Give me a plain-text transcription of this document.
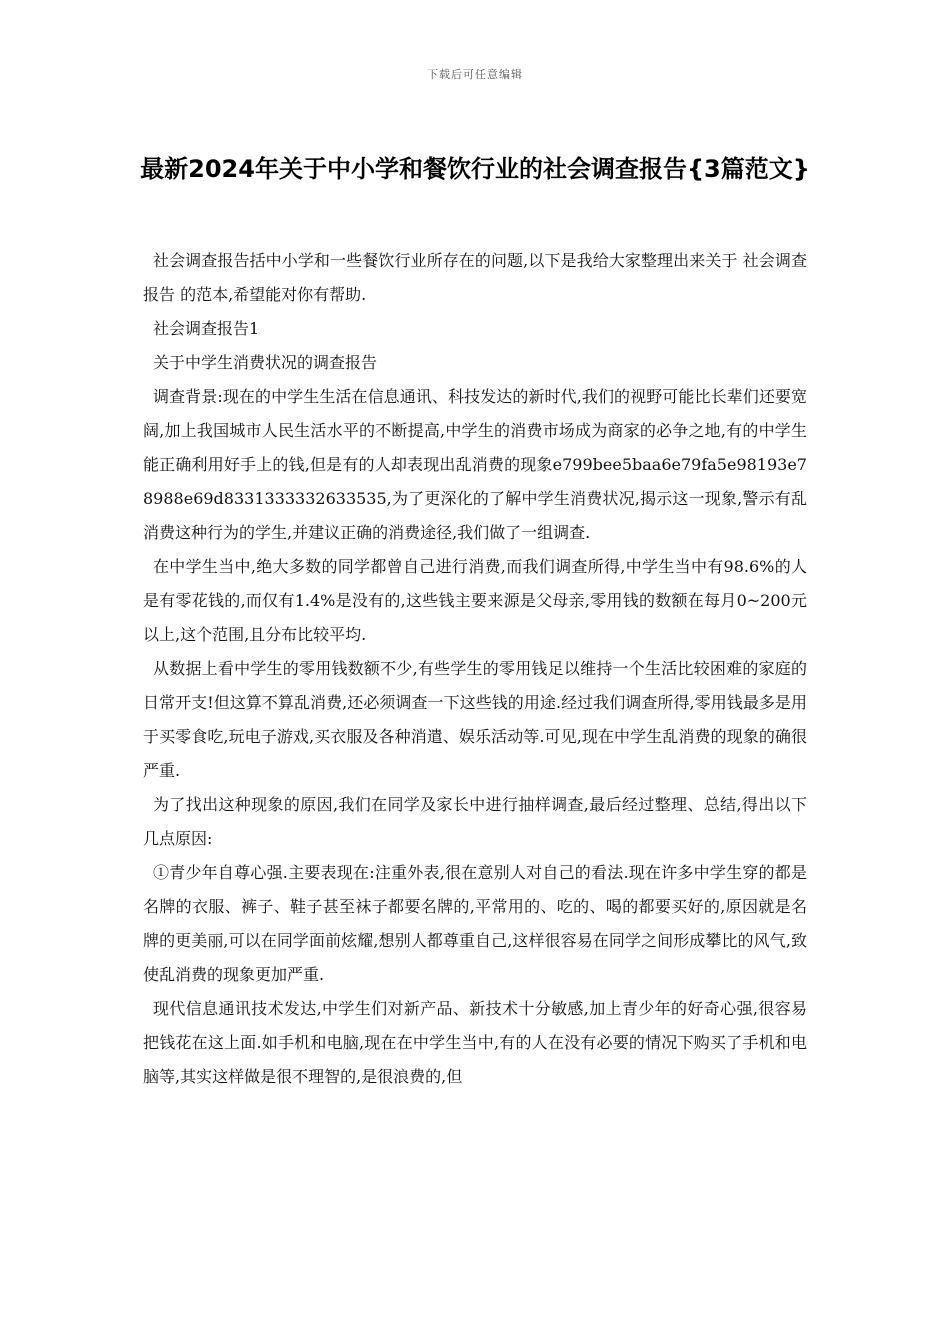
下载后可任意编辑
最新2024年关于中小学和餐饮行业的社会调查报告{3篇范文}

社会调查报告括中小学和一些餐饮行业所存在的问题,以下是我给大家整理出来关于 社会调查报告 的范本,希望能对你有帮助.

社会调查报告1

关于中学生消费状况的调查报告

调查背景:现在的中学生生活在信息通讯、科技发达的新时代,我们的视野可能比长辈们还要宽阔,加上我国城市人民生活水平的不断提高,中学生的消费市场成为商家的必争之地,有的中学生能正确利用好手上的钱,但是有的人却表现出乱消费的现象e799bee5baa6e79fa5e98193e78988e69d8331333332633535,为了更深化的了解中学生消费状况,揭示这一现象,警示有乱消费这种行为的学生,并建议正确的消费途径,我们做了一组调查.

在中学生当中,绝大多数的同学都曾自己进行消费,而我们调查所得,中学生当中有98.6%的人是有零花钱的,而仅有1.4%是没有的,这些钱主要来源是父母亲,零用钱的数额在每月0~200元以上,这个范围,且分布比较平均.

从数据上看中学生的零用钱数额不少,有些学生的零用钱足以维持一个生活比较困难的家庭的日常开支!但这算不算乱消费,还必须调查一下这些钱的用途.经过我们调查所得,零用钱最多是用于买零食吃,玩电子游戏,买衣服及各种消遣、娱乐活动等.可见,现在中学生乱消费的现象的确很严重.

为了找出这种现象的原因,我们在同学及家长中进行抽样调查,最后经过整理、总结,得出以下几点原因:

①青少年自尊心强.主要表现在:注重外表,很在意别人对自己的看法.现在许多中学生穿的都是名牌的衣服、裤子、鞋子甚至袜子都要名牌的,平常用的、吃的、喝的都要买好的,原因就是名牌的更美丽,可以在同学面前炫耀,想别人都尊重自己,这样很容易在同学之间形成攀比的风气,致使乱消费的现象更加严重.

现代信息通讯技术发达,中学生们对新产品、新技术十分敏感,加上青少年的好奇心强,很容易把钱花在这上面.如手机和电脑,现在在中学生当中,有的人在没有必要的情况下购买了手机和电脑等,其实这样做是很不理智的,是很浪费的,但
